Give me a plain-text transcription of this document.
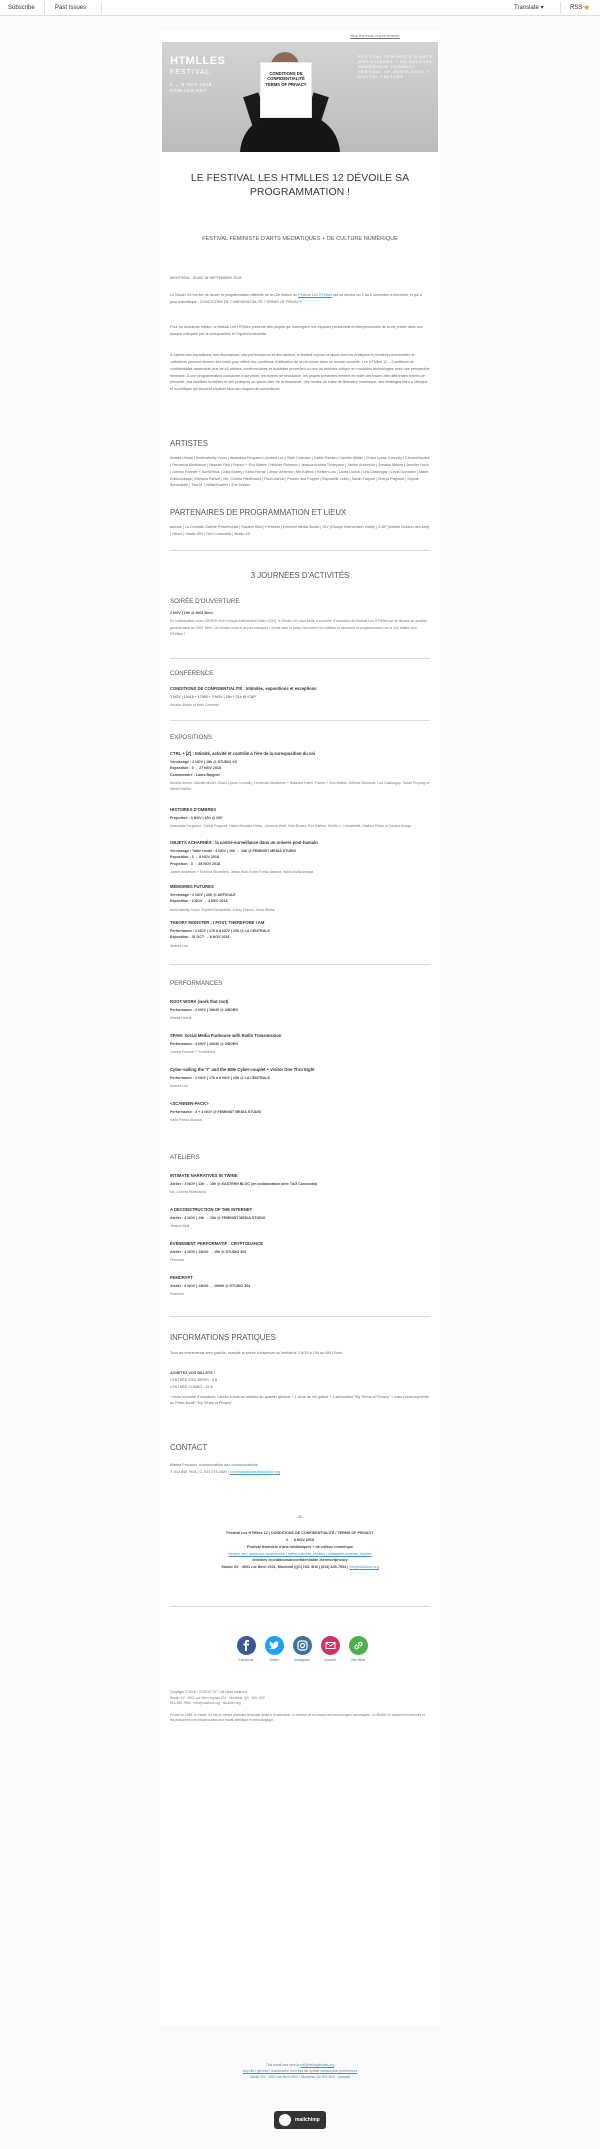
Subscribe	Past Issues	Translate ▾	RSS ◉
View this email in your browser
HTMLLES
FESTIVAL
2 → 8 NOV 2018
HTMLLES.NET
CONDITIONS DE CONFIDENTIALITÉ TERMS OF PRIVACY
FESTIVAL FÉMINISTE D'ARTS MÉDIATIQUES + DE CULTURE NUMÉRIQUE FEMINIST FESTIVAL OF MEDIA ARTS + DIGITAL CULTURE
LE FESTIVAL LES HTMLLES 12 DÉVOILE SA PROGRAMMATION !
FESTIVAL FÉMINISTE D'ARTS MÉDIATIQUES + DE CULTURE NUMÉRIQUE
MONTRÉAL, JEUDI 18 SEPTEMBRE 2018
Le Studio XX est fier de lancer la programmation officielle de la 12e édition du Festival Les HTMlles qui se tiendra du 2 au 8 novembre à Montréal, et qui a pour thématique : CONDITIONS DE CONFIDENTIALITÉ / TERMS OF PRIVACY.
Pour sa douzième édition, le festival Les HTMlles présente des projets qui interrogent nos espaces personnels et interpersonnels de la vie privée dans une époque marquée par la surexposition et l'hyperconnectivité.
À travers des expositions, des discussions, des performances et des ateliers, le festival explore la façon dont les pratiques et pensées personnelles et collectives peuvent devenir des outils pour définir les conditions d'utilisation de la vie privée dans un monde surveillé. Les HTMlles 12 – Conditions de confidentialité rassemble plus de 40 artistes, conférencières et activistes provenant ou non du territoire critique en nouvelles technologies avec une perspective féministe. À une programmation consacrée à surveiller, les formes de résistance, les projets présentés mettent en relief des traces des différentes formes de précarité, des identités invisibles et des pratiques ou savoir-faire de la résistance, des modes de luttes de libération numérique, des stratégies liées à l'éthique et la politique qui peuvent s'opérer face aux risques de surveillance.
ARTISTES
Amalia Ulman | Ambivalently Yours | Anastasia Fergusnd | Andrea Luu | Beth Coleman | Caitlin Rankin | Camille Müller | Charo Lyons Connolly | ChoreoStudies | Fernanda Mondonce | Hannah Fink | Franco + Eco Mathis | Héloïse Ruimonz | Jessica Andrea Thompson | Janine Anderson | Jumana Manna | Jennifer Hoch | Johnny Forever + SunWithus | Julia Bowey | Karla Ferraz | Jesse Amerina | Nin Kathrin | Kirsten Lau | Laura Lucich | Lea Castongay | Leyla Gonzalez | Marie Kulikovskaya | Mohana Pariset | Mz. Clothra Hildebrand | Paul Lacroix | Prunes and Puppet | Raphaëlle Lebel | Sarah Farjoun | Sheryll Pagurett | Sophie Bernadette | Tina M. | WhiteFeather | Zoe Tessier
PARTENAIRES DE PROGRAMMATION ET LIEUX
articule | La Centrale Galerie Powerhouse | Eastern Bloc | Feminart | Feminist Media Studio | GIV (Groupe Intervention Vidéo) | ICAP (Institut Gestion des Arts) | Oboro | Studio 303 | TAG Concordia | Studio XX
3 JOURNÉES D'ACTIVITÉS
SOIRÉE D'OUVERTURE
2 NOV | 19h @ 4001 Berri
En collaboration avec OBORO et le Groupe Intervention Vidéo (GIV), le Studio XX vous invite à la soirée d'ouverture du festival Les HTMlles qui se tiendra au quartier général situé au 4001 Berri. Un rendez-vous à ne pas manquer ! Venez faire la party, rencontrer les artistes et découvrir la programmation de la 12e édition des HTMlles !
CONFÉRENCE
CONDITIONS DE CONFIDENTIALITÉ : Intimités, expositions et exceptions
3 NOV | 15h15 + 17h00 + 3 NOV | 16h + 21h @ ICAP
Amalia Ulman et Beth Coleman
EXPOSITIONS
CTRL + [Z] : Intimité, activité et contrôle à l'ère de la surexposition du soi
Vernissage : 2 NOV | 18h @ STUDIO XX
Exposition : 3 → 27 NOV 2018
Commissaire : Laura Baignet
Amalia Ulman, Camille Müller, Charo Lyons Connolly, Fernanda Mondonce + Natasha Fabel, Franco + Eco Mathis, Héloïse Ruimonz, Lea Castongay, Sarah Furyday et WhiteFeather
HISTOIRES D'OMBRES
Projection : 3 NOV | 16h @ GIV
Anastasia Fergusnd, Cheryl Pagurett, Hafsa Abubakr Hafez, Johanna Wait, Julia Bowey, Kim Kathrin, Kristin Li, Lumathétik, Sasima Robin et Sandra Araújo
OBJETS ACHARNÉS : la contre-surveillance dans un univers post-humain
Vernissage / Table ronde : 4 NOV | 16h → 18h @ FEMINIST MEDIA STUDIO
Exposition : 3 → 8 NOV 2018
Projection : 3 → 28 NOV 2018
Janine Anderson + Romina Stromfield, Jesse Wall, Karla Ferraz Alcarca, Maria Kulikovskaya
MÉMOIRES FUTURES
Vernissage : 2 NOV | 20h @ ARTICULE
Exposition : 4 NOV → 4 DEC 2018
Ambivalently Yours, Sophie Bernadette, Zoezy Franco, Zeda Reese
THEORY MONSTER : I POST, THEREFORE I AM
Performance : 2 NOV | 17h à 8 NOV | 19h @ LA CENTRALE
Exposition : 31 OCT → 8 NOV 2018
Andrea Luu
PERFORMANCES
ROOT WORK (work that root)
Performance : 2 NOV | 19h30 @ OBORO
Mirella Hexus
SPAM: Social Media Funhouse with Radio Transmission
Performance : 3 NOV | 20h30 @ OBORO
Johnny Forever + SunWithus
Cyber-sailing the "I" and the EMe Cyber-couplet + Visitor One Thru Eight
Performance : 2 NOV | 17h à 8 NOV | 19h @ LA CENTRALE
Andrea Luu
<SCANNER-PACK>
Performance : 3 + 4 NOV @ FEMINIST MEDIA STUDIO
Karla Ferraz Alcarca
ATELIERS
INTIMATE NARRATIVES IN TWINE
Atelier : 3 NOV | 13h → 15h @ EASTERN BLOC (en collaboration avec TAG Concordia)
Mz. Clothra Hildebrand
A DECONSTRUCTION OF THE INTERNET
Atelier : 4 NOV | 14h → 16h @ FEMINIST MEDIA STUDIO
Jessica Muff
ÉVÉNEMENT PERFORMATIF : CRYPTODANCE
Atelier : 4 NOV | 13h00 → 15h @ STUDIO 303
Feminart
FEMCRYPT
Atelier : 8 NOV | 13h00 → 16h00 @ STUDIO 303
Feminart
INFORMATIONS PRATIQUES
Tous les événements sont gratuits, excepté la soirée d'ouverture du festival le 2 NOV à 19h au 4001 Berri.
ACHETEZ VOS BILLETS !
• ENTRÉE 4001 BERRI : 5 $
• ENTRÉE COMBO : 15 $
* inclut la soirée d'ouverture, l'accès à tous les ateliers du quartier général + 1 verre de vin gratuit + 1 autocollant "My Terms of Privacy" + votre photo imprimée du Photo Booth "My Terms of Privacy"
CONTACT
Marina Provanzi, coordonnatrice aux communications
T. 514 845 7934 | C. 514 274 2820 | communications@studioxx.org
- 30 -
Festival Les HTMlles 12 | CONDITIONS DE CONFIDENTIALITÉ / TERMS OF PRIVACY
2 → 8 NOV 2018
Festival féministe d'arts médiatiques + de culture numérique
htmlles.net | facebook.com/htmlles | twitter.com/les_htmlles | instagram.com/les_htmlles
#htmlles #conditionsdeconfidentialite #termsofprivacy
Studio XX · 4001 rue Berri #201, Montréal (QC) H2L 4H2 | (514) 845-7934 | info@studioxx.org
Facebook	Twitter	Instagram	Courriel	Site Web
Copyright © 2018 * STUDIO XX *, All rights reserved.
Studio XX · 4001 rue Berri espace 201 · Montréal, QC · H2L 4H2
514-845-7934 · info@studioxx.org · studioxx.org
Fondé en 1996, le Studio XX est un centre d'artistes féministe dédié à l'exploration, la création et la critique des technologies numériques. Le Studio XX soutient les femmes et les personnes non-binaires dans leur travail artistique et technologique.
This email was sent to rolf@deltaglacialer.org
why did I get this? unsubscribe from this list update subscription preferences
Studio XX · 4001 rue Berri #201 · Montréal, Qc H2L 4H2 · Canada
mailchimp
